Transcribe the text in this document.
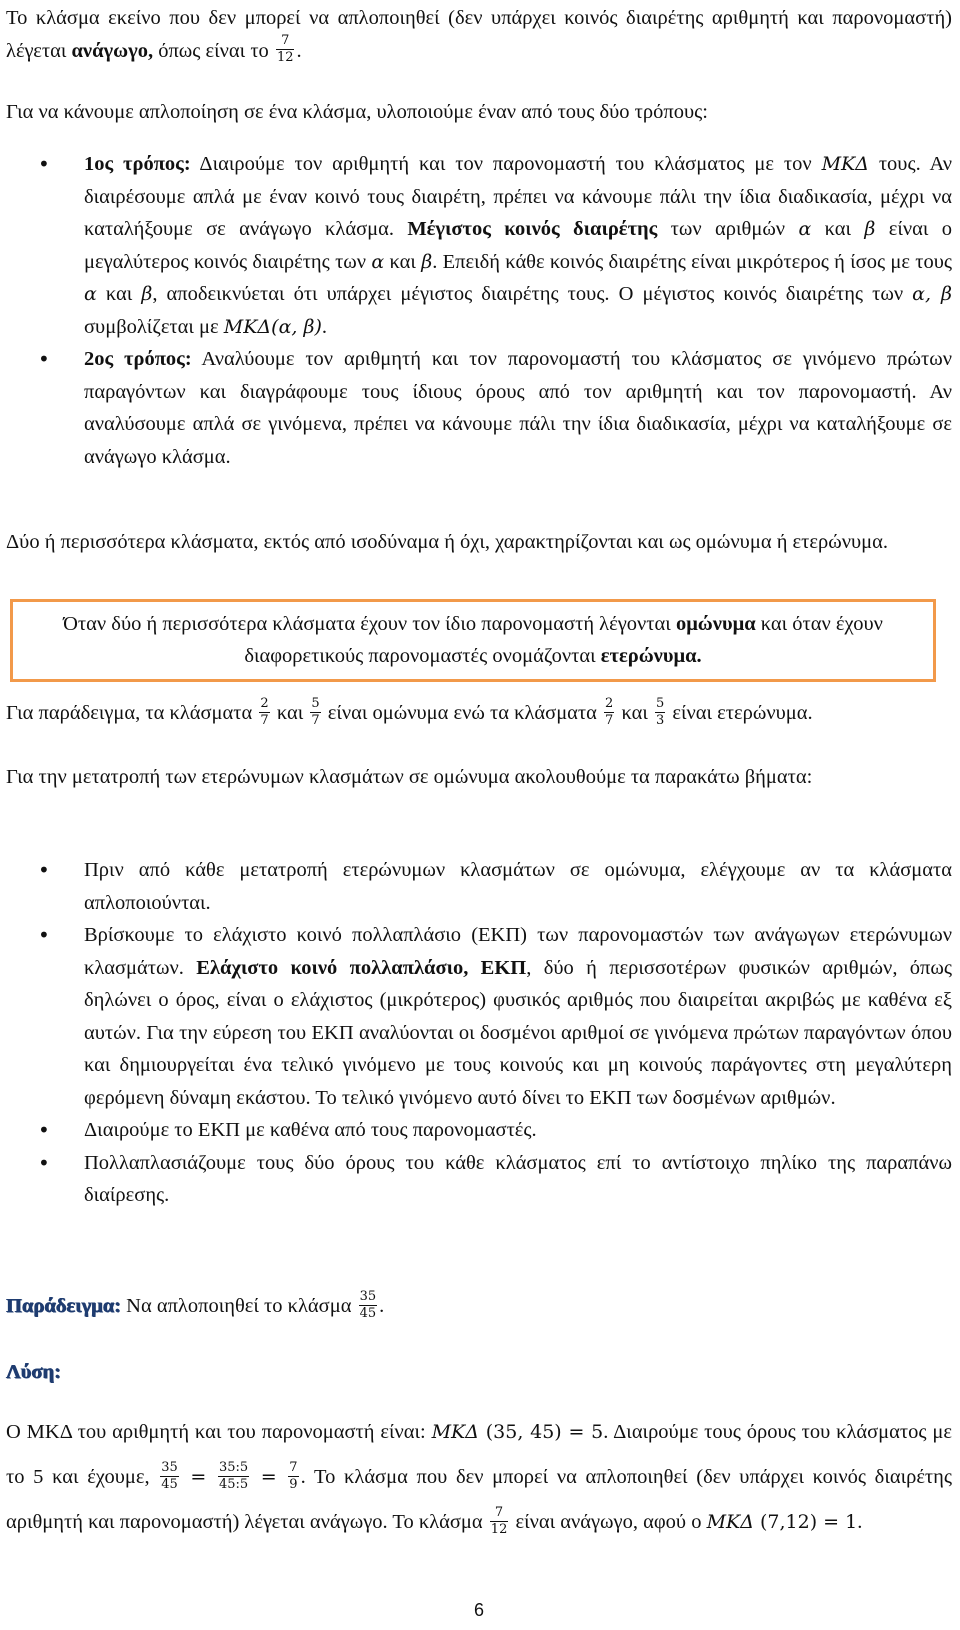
Το κλάσμα εκείνο που δεν μπορεί να απλοποιηθεί (δεν υπάρχει κοινός διαιρέτης αριθμητή και παρονομαστή) λέγεται ανάγωγο, όπως είναι το $\frac{7}{12}$ .

Για να κάνουμε απλοποίηση σε ένα κλάσμα, υλοποιούμε έναν από τους δύο τρόπους:

• 1ος τρόπος: Διαιρούμε τον αριθμητή και τον παρονομαστή του κλάσματος με τον ΜΚΔ τους. Αν διαιρέσουμε απλά με έναν κοινό τους διαιρέτη, πρέπει να κάνουμε πάλι την ίδια διαδικασία, μέχρι να καταλήξουμε σε ανάγωγο κλάσμα. Μέγιστος κοινός διαιρέτης των αριθμών α και β είναι ο μεγαλύτερος κοινός διαιρέτης των α και β. Επειδή κάθε κοινός διαιρέτης είναι μικρότερος ή ίσος με τους α και β, αποδεικνύεται ότι υπάρχει μέγιστος διαιρέτης τους. Ο μέγιστος κοινός διαιρέτης των α, β συμβολίζεται με ΜΚΔ(α, β).
• 2ος τρόπος: Αναλύουμε τον αριθμητή και τον παρονομαστή του κλάσματος σε γινόμενο πρώτων παραγόντων και διαγράφουμε τους ίδιους όρους από τον αριθμητή και τον παρονομαστή. Αν αναλύσουμε απλά σε γινόμενα, πρέπει να κάνουμε πάλι την ίδια διαδικασία, μέχρι να καταλήξουμε σε ανάγωγο κλάσμα.

Δύο ή περισσότερα κλάσματα, εκτός από ισοδύναμα ή όχι, χαρακτηρίζονται και ως ομώνυμα ή ετερώνυμα.

Για παράδειγμα, τα κλάσματα $\frac{2}{7}$ και $\frac{5}{7}$ είναι ομώνυμα ενώ τα κλάσματα $\frac{2}{7}$ και $\frac{5}{3}$ είναι ετερώνυμα.

Για την μετατροπή των ετερώνυμων κλασμάτων σε ομώνυμα ακολουθούμε τα παρακάτω βήματα:

• Πριν από κάθε μετατροπή ετερώνυμων κλασμάτων σε ομώνυμα, ελέγχουμε αν τα κλάσματα απλοποιούνται.
• Βρίσκουμε το ελάχιστο κοινό πολλαπλάσιο (ΕΚΠ) των παρονομαστών των ανάγωγων ετερώνυμων κλασμάτων. Ελάχιστο κοινό πολλαπλάσιο, ΕΚΠ, δύο ή περισσοτέρων φυσικών αριθμών, όπως δηλώνει ο όρος, είναι ο ελάχιστος (μικρότερος) φυσικός αριθμός που διαιρείται ακριβώς με καθένα εξ αυτών. Για την εύρεση του ΕΚΠ αναλύονται οι δοσμένοι αριθμοί σε γινόμενα πρώτων παραγόντων όπου και δημιουργείται ένα τελικό γινόμενο με τους κοινούς και μη κοινούς παράγοντες στη μεγαλύτερη φερόμενη δύναμη εκάστου. Το τελικό γινόμενο αυτό δίνει το ΕΚΠ των δοσμένων αριθμών.
• Διαιρούμε το ΕΚΠ με καθένα από τους παρονομαστές.
• Πολλαπλασιάζουμε τους δύο όρους του κάθε κλάσματος επί το αντίστοιχο πηλίκο της παραπάνω διαίρεσης.

Παράδειγμα: Να απλοποιηθεί το κλάσμα $\frac{35}{45}$ .

Λύση:

Ο ΜΚΔ του αριθμητή και του παρονομαστή είναι: ΜΚΔ (35, 45) = 5. Διαιρούμε τους όρους του κλάσματος με το 5 και έχουμε, $\frac{35}{45} = \frac{35:5}{45:5} = \frac{7}{9}$ . Το κλάσμα που δεν μπορεί να απλοποιηθεί (δεν υπάρχει κοινός διαιρέτης αριθμητή και παρονομαστή) λέγεται ανάγωγο. Το κλάσμα $\frac{7}{12}$ είναι ανάγωγο, αφού ο ΜΚΔ (7,12) = 1.

6
Όταν δύο ή περισσότερα κλάσματα έχουν τον ίδιο παρονομαστή λέγονται ομώνυμα και όταν έχουν διαφορετικούς παρονομαστές ονομάζονται ετερώνυμα.
